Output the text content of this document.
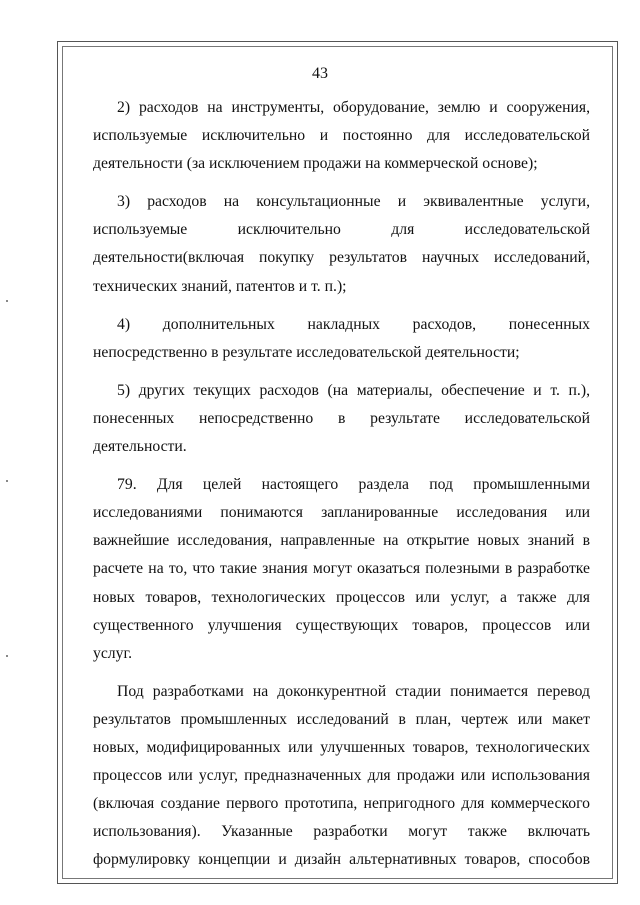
43

2) расходов на инструменты, оборудование, землю и сооружения,
используемые исключительно и постоянно для исследовательской
деятельности (за исключением продажи на коммерческой основе);

3) расходов на консультационные и эквивалентные услуги,
используемые исключительно для исследовательской
деятельности(включая покупку результатов научных исследований,
технических знаний, патентов и т. п.);

4) дополнительных накладных расходов, понесенных
непосредственно в результате исследовательской деятельности;

5) других текущих расходов (на материалы, обеспечение и т. п.),
понесенных непосредственно в результате исследовательской
деятельности.

79. Для целей настоящего раздела под промышленными
исследованиями понимаются запланированные исследования или
важнейшие исследования, направленные на открытие новых знаний в
расчете на то, что такие знания могут оказаться полезными в разработке
новых товаров, технологических процессов или услуг, а также для
существенного улучшения существующих товаров, процессов или
услуг.

Под разработками на доконкурентной стадии понимается перевод
результатов промышленных исследований в план, чертеж или макет
новых, модифицированных или улучшенных товаров, технологических
процессов или услуг, предназначенных для продажи или использования
(включая создание первого прототипа, непригодного для коммерческого
использования). Указанные разработки могут также включать
формулировку концепции и дизайн альтернативных товаров, способов
